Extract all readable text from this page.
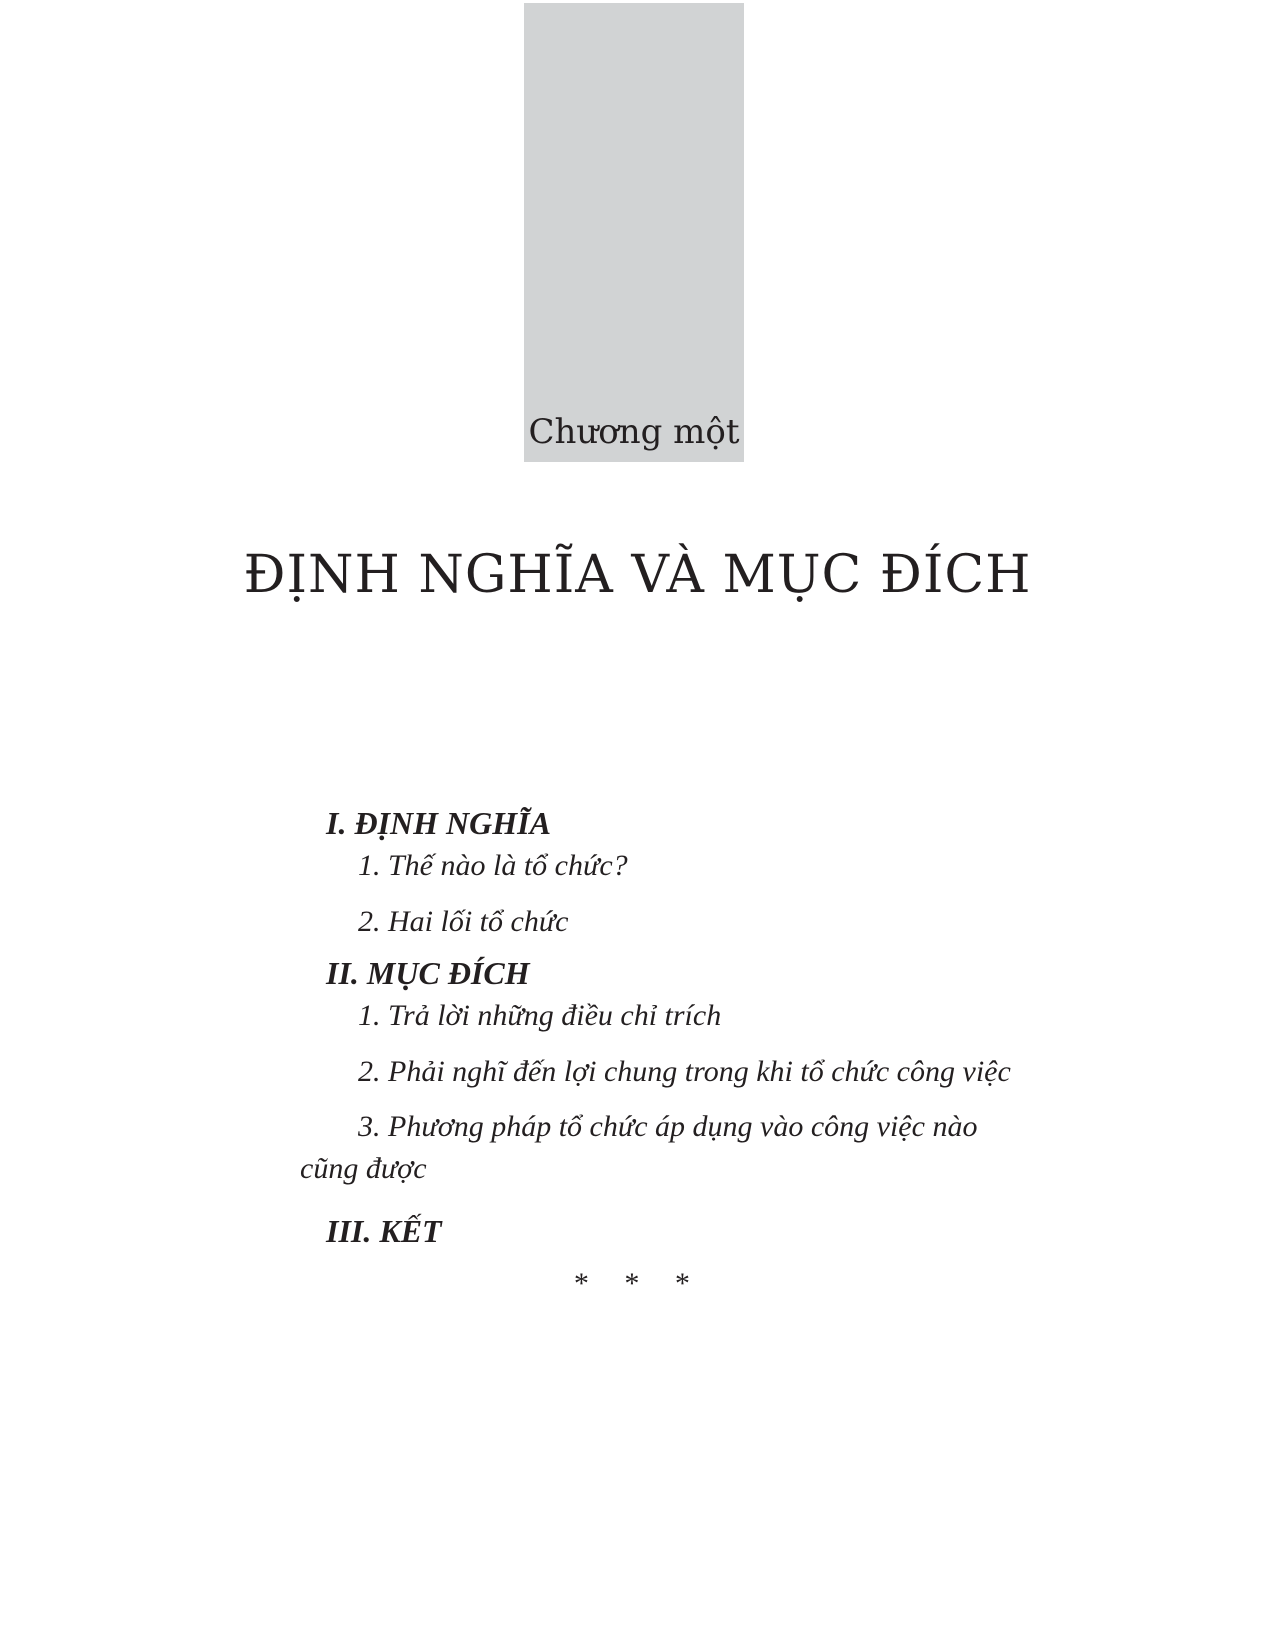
Chương một
ĐỊNH NGHĨA VÀ MỤC ĐÍCH
I. ĐỊNH NGHĨA
1. Thế nào là tổ chức?
2. Hai lối tổ chức
II. MỤC ĐÍCH
1. Trả lời những điều chỉ trích
2. Phải nghĩ đến lợi chung trong khi tổ chức công việc
3. Phương pháp tổ chức áp dụng vào công việc nào cũng được
III. KẾT
* * *
